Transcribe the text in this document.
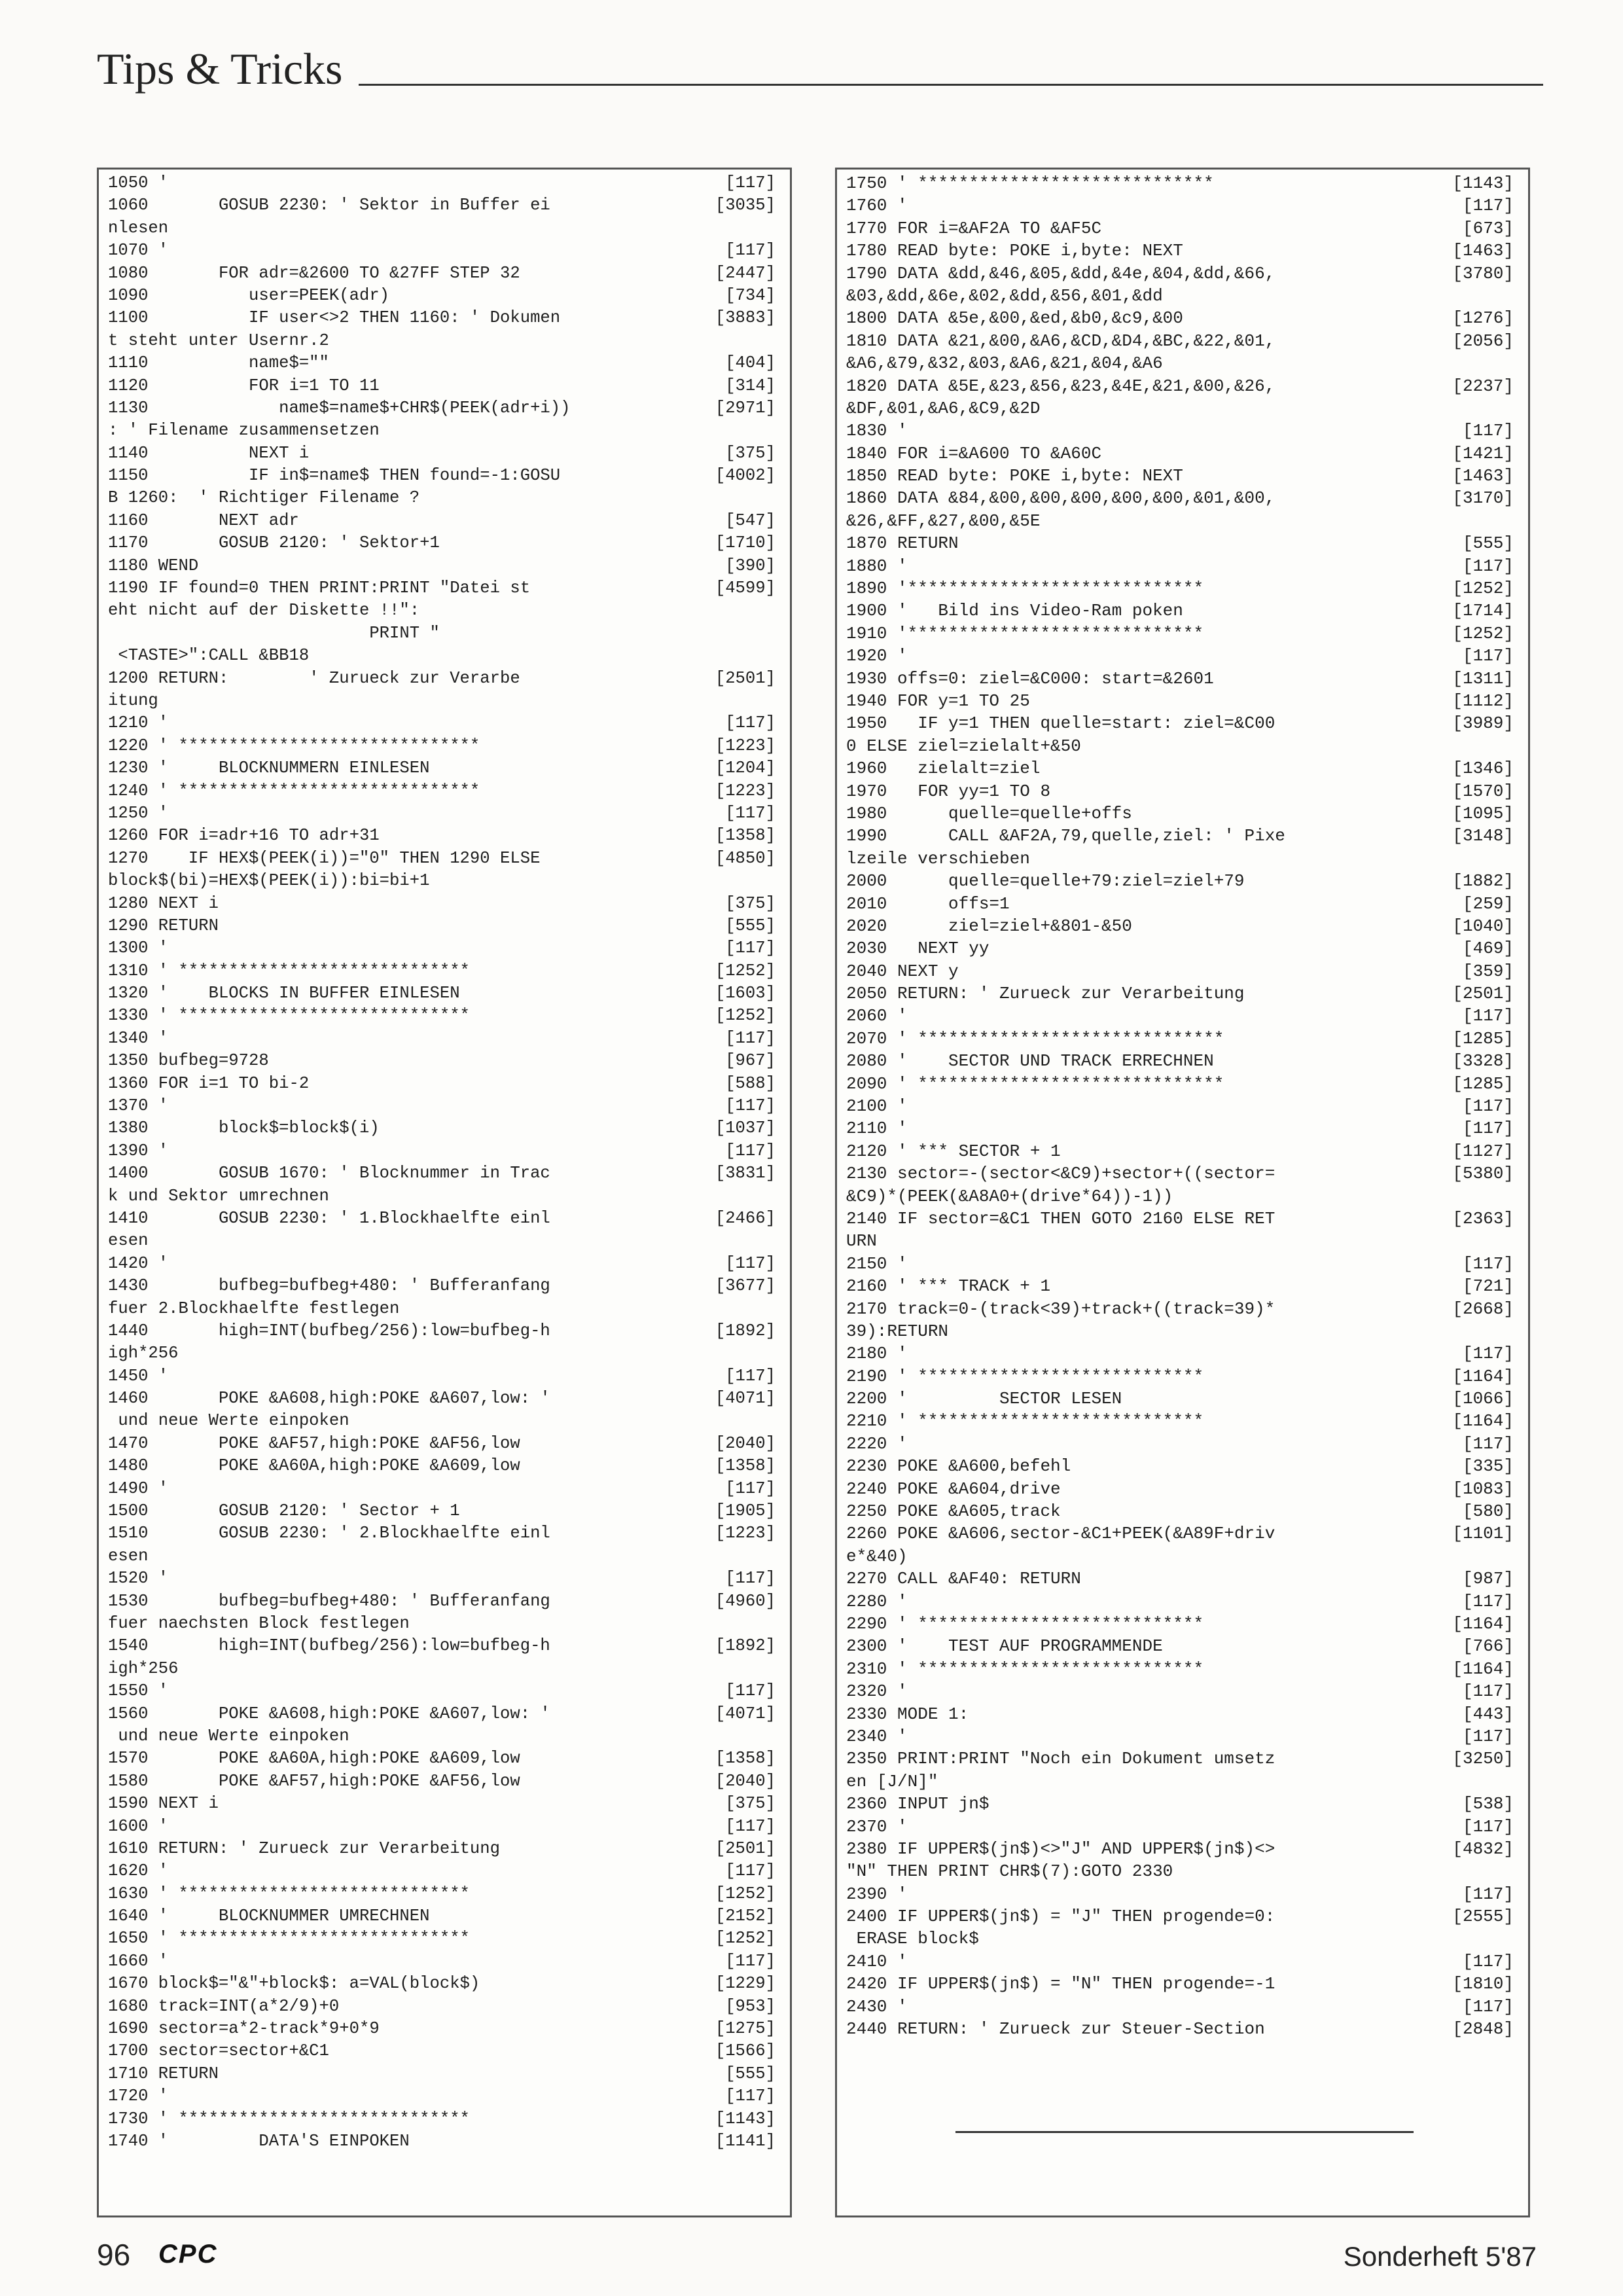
Tips & Tricks
1050 '	[117]
1060       GOSUB 2230: ' Sektor in Buffer ei	[3035]
nlesen
1070 '	[117]
1080       FOR adr=&2600 TO &27FF STEP 32	[2447]
1090          user=PEEK(adr)	[734]
1100          IF user<>2 THEN 1160: ' Dokumen	[3883]
t steht unter Usernr.2
1110          name$=""	[404]
1120          FOR i=1 TO 11	[314]
1130             name$=name$+CHR$(PEEK(adr+i))	[2971]
: ' Filename zusammensetzen
1140          NEXT i	[375]
1150          IF in$=name$ THEN found=-1:GOSU	[4002]
B 1260:  ' Richtiger Filename ?
1160       NEXT adr	[547]
1170       GOSUB 2120: ' Sektor+1	[1710]
1180 WEND	[390]
1190 IF found=0 THEN PRINT:PRINT "Datei st	[4599]
eht nicht auf der Diskette !!":
PRINT "
<TASTE>":CALL &BB18
1200 RETURN:        ' Zurueck zur Verarbe	[2501]
itung
1210 '	[117]
1220 ' ******************************	[1223]
1230 '     BLOCKNUMMERN EINLESEN	[1204]
1240 ' ******************************	[1223]
1250 '	[117]
1260 FOR i=adr+16 TO adr+31	[1358]
1270    IF HEX$(PEEK(i))="0" THEN 1290 ELSE	[4850]
block$(bi)=HEX$(PEEK(i)):bi=bi+1
1280 NEXT i	[375]
1290 RETURN	[555]
1300 '	[117]
1310 ' *****************************	[1252]
1320 '    BLOCKS IN BUFFER EINLESEN	[1603]
1330 ' *****************************	[1252]
1340 '	[117]
1350 bufbeg=9728	[967]
1360 FOR i=1 TO bi-2	[588]
1370 '	[117]
1380       block$=block$(i)	[1037]
1390 '	[117]
1400       GOSUB 1670: ' Blocknummer in Trac	[3831]
k und Sektor umrechnen
1410       GOSUB 2230: ' 1.Blockhaelfte einl	[2466]
esen
1420 '	[117]
1430       bufbeg=bufbeg+480: ' Bufferanfang	[3677]
fuer 2.Blockhaelfte festlegen
1440       high=INT(bufbeg/256):low=bufbeg-h	[1892]
igh*256
1450 '	[117]
1460       POKE &A608,high:POKE &A607,low: '	[4071]
und neue Werte einpoken
1470       POKE &AF57,high:POKE &AF56,low	[2040]
1480       POKE &A60A,high:POKE &A609,low	[1358]
1490 '	[117]
1500       GOSUB 2120: ' Sector + 1	[1905]
1510       GOSUB 2230: ' 2.Blockhaelfte einl	[1223]
esen
1520 '	[117]
1530       bufbeg=bufbeg+480: ' Bufferanfang	[4960]
fuer naechsten Block festlegen
1540       high=INT(bufbeg/256):low=bufbeg-h	[1892]
igh*256
1550 '	[117]
1560       POKE &A608,high:POKE &A607,low: '	[4071]
und neue Werte einpoken
1570       POKE &A60A,high:POKE &A609,low	[1358]
1580       POKE &AF57,high:POKE &AF56,low	[2040]
1590 NEXT i	[375]
1600 '	[117]
1610 RETURN: ' Zurueck zur Verarbeitung	[2501]
1620 '	[117]
1630 ' *****************************	[1252]
1640 '     BLOCKNUMMER UMRECHNEN	[2152]
1650 ' *****************************	[1252]
1660 '	[117]
1670 block$="&"+block$: a=VAL(block$)	[1229]
1680 track=INT(a*2/9)+0	[953]
1690 sector=a*2-track*9+0*9	[1275]
1700 sector=sector+&C1	[1566]
1710 RETURN	[555]
1720 '	[117]
1730 ' *****************************	[1143]
1740 '         DATA'S EINPOKEN	[1141]
1750 ' *****************************	[1143]
1760 '	[117]
1770 FOR i=&AF2A TO &AF5C	[673]
1780 READ byte: POKE i,byte: NEXT	[1463]
1790 DATA &dd,&46,&05,&dd,&4e,&04,&dd,&66,	[3780]
&03,&dd,&6e,&02,&dd,&56,&01,&dd
1800 DATA &5e,&00,&ed,&b0,&c9,&00	[1276]
1810 DATA &21,&00,&A6,&CD,&D4,&BC,&22,&01,	[2056]
&A6,&79,&32,&03,&A6,&21,&04,&A6
1820 DATA &5E,&23,&56,&23,&4E,&21,&00,&26,	[2237]
&DF,&01,&A6,&C9,&2D
1830 '	[117]
1840 FOR i=&A600 TO &A60C	[1421]
1850 READ byte: POKE i,byte: NEXT	[1463]
1860 DATA &84,&00,&00,&00,&00,&00,&01,&00,	[3170]
&26,&FF,&27,&00,&5E
1870 RETURN	[555]
1880 '	[117]
1890 '*****************************	[1252]
1900 '   Bild ins Video-Ram poken	[1714]
1910 '*****************************	[1252]
1920 '	[117]
1930 offs=0: ziel=&C000: start=&2601	[1311]
1940 FOR y=1 TO 25	[1112]
1950   IF y=1 THEN quelle=start: ziel=&C00	[3989]
0 ELSE ziel=zielalt+&50
1960   zielalt=ziel	[1346]
1970   FOR yy=1 TO 8	[1570]
1980      quelle=quelle+offs	[1095]
1990      CALL &AF2A,79,quelle,ziel: ' Pixe	[3148]
lzeile verschieben
2000      quelle=quelle+79:ziel=ziel+79	[1882]
2010      offs=1	[259]
2020      ziel=ziel+&801-&50	[1040]
2030   NEXT yy	[469]
2040 NEXT y	[359]
2050 RETURN: ' Zurueck zur Verarbeitung	[2501]
2060 '	[117]
2070 ' ******************************	[1285]
2080 '    SECTOR UND TRACK ERRECHNEN	[3328]
2090 ' ******************************	[1285]
2100 '	[117]
2110 '	[117]
2120 ' *** SECTOR + 1	[1127]
2130 sector=-(sector<&C9)+sector+((sector=	[5380]
&C9)*(PEEK(&A8A0+(drive*64))-1))
2140 IF sector=&C1 THEN GOTO 2160 ELSE RET	[2363]
URN
2150 '	[117]
2160 ' *** TRACK + 1	[721]
2170 track=0-(track<39)+track+((track=39)*	[2668]
39):RETURN
2180 '	[117]
2190 ' ****************************	[1164]
2200 '         SECTOR LESEN	[1066]
2210 ' ****************************	[1164]
2220 '	[117]
2230 POKE &A600,befehl	[335]
2240 POKE &A604,drive	[1083]
2250 POKE &A605,track	[580]
2260 POKE &A606,sector-&C1+PEEK(&A89F+driv	[1101]
e*&40)
2270 CALL &AF40: RETURN	[987]
2280 '	[117]
2290 ' ****************************	[1164]
2300 '    TEST AUF PROGRAMMENDE	[766]
2310 ' ****************************	[1164]
2320 '	[117]
2330 MODE 1:	[443]
2340 '	[117]
2350 PRINT:PRINT "Noch ein Dokument umsetz	[3250]
en [J/N]"
2360 INPUT jn$	[538]
2370 '	[117]
2380 IF UPPER$(jn$)<>"J" AND UPPER$(jn$)<>	[4832]
"N" THEN PRINT CHR$(7):GOTO 2330
2390 '	[117]
2400 IF UPPER$(jn$) = "J" THEN progende=0:	[2555]
ERASE block$
2410 '	[117]
2420 IF UPPER$(jn$) = "N" THEN progende=-1	[1810]
2430 '	[117]
2440 RETURN: ' Zurueck zur Steuer-Section	[2848]
96 CPC	Sonderheft 5'87
